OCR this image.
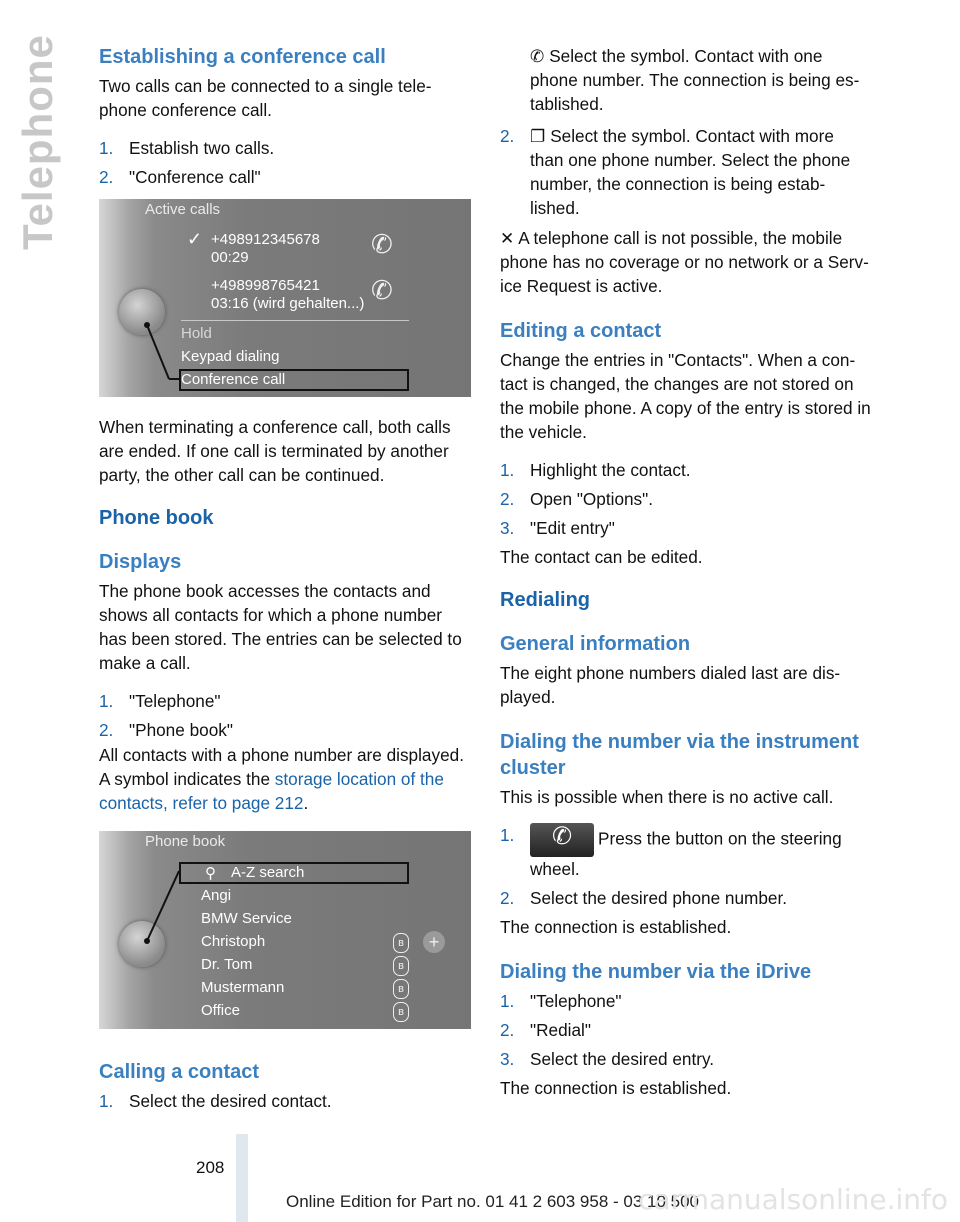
Telephone Establishing a conference call

Two calls can be connected to a single tele-phone conference call.

1. Establish two calls.
2. "Conference call"
Active calls
✓ +498912345678
00:29
+498998765421
03:16 (wird gehalten...)
✆
✆
Hold
Keypad dialing
Conference call

When terminating a conference call, both calls are ended. If one call is terminated by another party, the other call can be continued.

Phone book
Displays

The phone book accesses the contacts and shows all contacts for which a phone number has been stored. The entries can be selected to make a call.

1. "Telephone"
2. "Phone book"

All contacts with a phone number are displayed. A symbol indicates the storage location of the contacts, refer to page 212.

Phone book
⚲ A-Z search
Angi
BMW Service
Christoph
Dr. Tom
Mustermann
Office
ʙ
ʙ
ʙ
ʙ
+
Calling a contact
1. Select the desired contact.

✆ Select the symbol. Contact with one phone number. The connection is being es-tablished.

2. ❐ Select the symbol. Contact with more than one phone number. Select the phone number, the connection is being estab-lished.

✕ A telephone call is not possible, the mobile phone has no coverage or no network or a Serv-ice Request is active.

Editing a contact

Change the entries in "Contacts". When a con-tact is changed, the changes are not stored on the mobile phone. A copy of the entry is stored in the vehicle.

1. Highlight the contact.
2. Open "Options".
3. "Edit entry"

The contact can be edited.

Redialing
General information

The eight phone numbers dialed last are dis-played.

Dialing the number via the instrument cluster

This is possible when there is no active call.

1. ✆ Press the button on the steering wheel.
2. Select the desired phone number.

The connection is established.

Dialing the number via the iDrive
1. "Telephone"
2. "Redial"
3. Select the desired entry.

The connection is established.

208
Online Edition for Part no. 01 41 2 603 958 - 03 10 500
carmanualsonline.info
